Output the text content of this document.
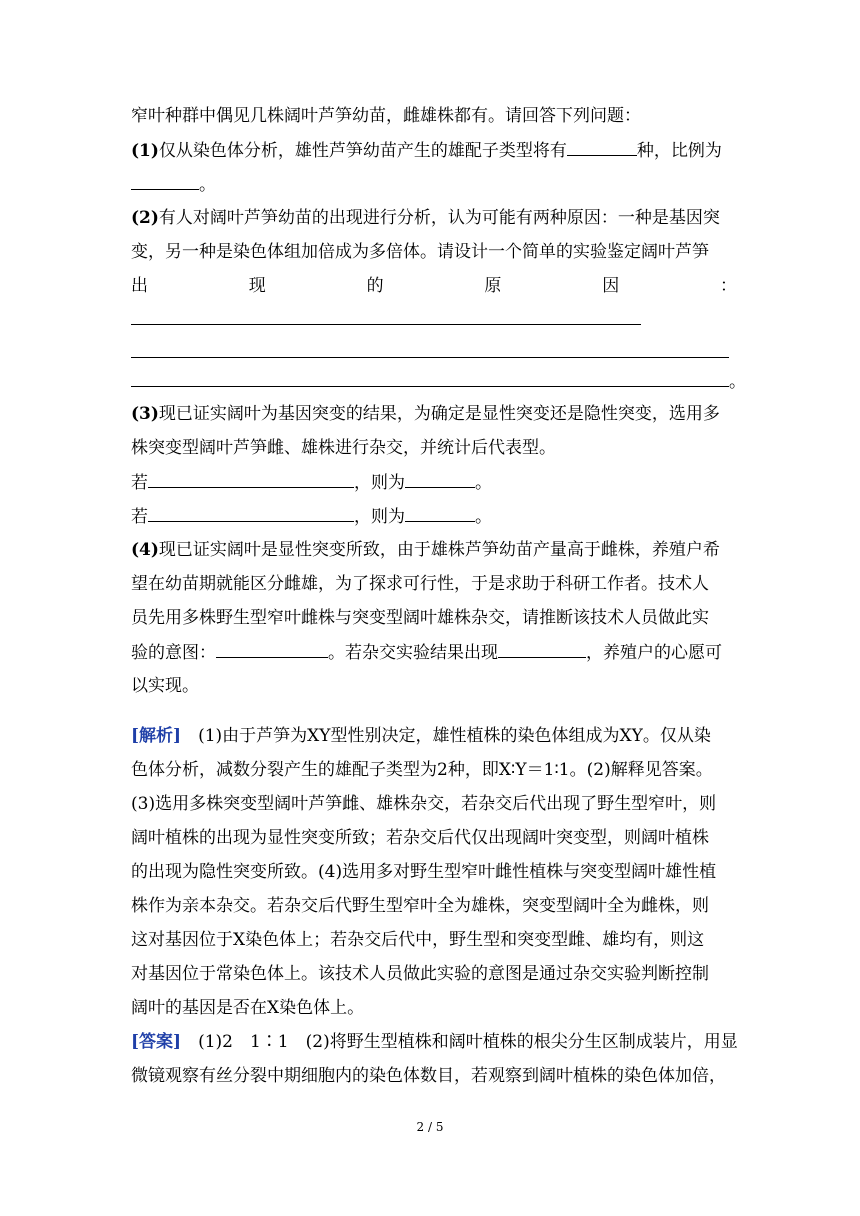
窄叶种群中偶见几株阔叶芦笋幼苗，雌雄株都有。请回答下列问题：
(1)仅从染色体分析，雄性芦笋幼苗产生的雄配子类型将有	种，比例为
。
(2)有人对阔叶芦笋幼苗的出现进行分析，认为可能有两种原因：一种是基因突
变，另一种是染色体组加倍成为多倍体。请设计一个简单的实验鉴定阔叶芦笋
出	现	的	原	因	：
。
(3)现已证实阔叶为基因突变的结果，为确定是显性突变还是隐性突变，选用多
株突变型阔叶芦笋雌、雄株进行杂交，并统计后代表型。
若	，则为	。
若	，则为	。
(4)现已证实阔叶是显性突变所致，由于雄株芦笋幼苗产量高于雌株，养殖户希
望在幼苗期就能区分雌雄，为了探求可行性，于是求助于科研工作者。技术人
员先用多株野生型窄叶雌株与突变型阔叶雄株杂交，请推断该技术人员做此实
验的意图：	。若杂交实验结果出现	，养殖户的心愿可
以实现。
[解析]　(1)由于芦笋为XY型性别决定，雄性植株的染色体组成为XY。仅从染
色体分析，减数分裂产生的雄配子类型为2种，即X∶Y＝1∶1。(2)解释见答案。
(3)选用多株突变型阔叶芦笋雌、雄株杂交，若杂交后代出现了野生型窄叶，则
阔叶植株的出现为显性突变所致；若杂交后代仅出现阔叶突变型，则阔叶植株
的出现为隐性突变所致。(4)选用多对野生型窄叶雌性植株与突变型阔叶雄性植
株作为亲本杂交。若杂交后代野生型窄叶全为雄株，突变型阔叶全为雌株，则
这对基因位于X染色体上；若杂交后代中，野生型和突变型雌、雄均有，则这
对基因位于常染色体上。该技术人员做此实验的意图是通过杂交实验判断控制
阔叶的基因是否在X染色体上。
[答案]　(1)2　1∶1　(2)将野生型植株和阔叶植株的根尖分生区制成装片，用显
微镜观察有丝分裂中期细胞内的染色体数目，若观察到阔叶植株的染色体加倍，
2 / 5
